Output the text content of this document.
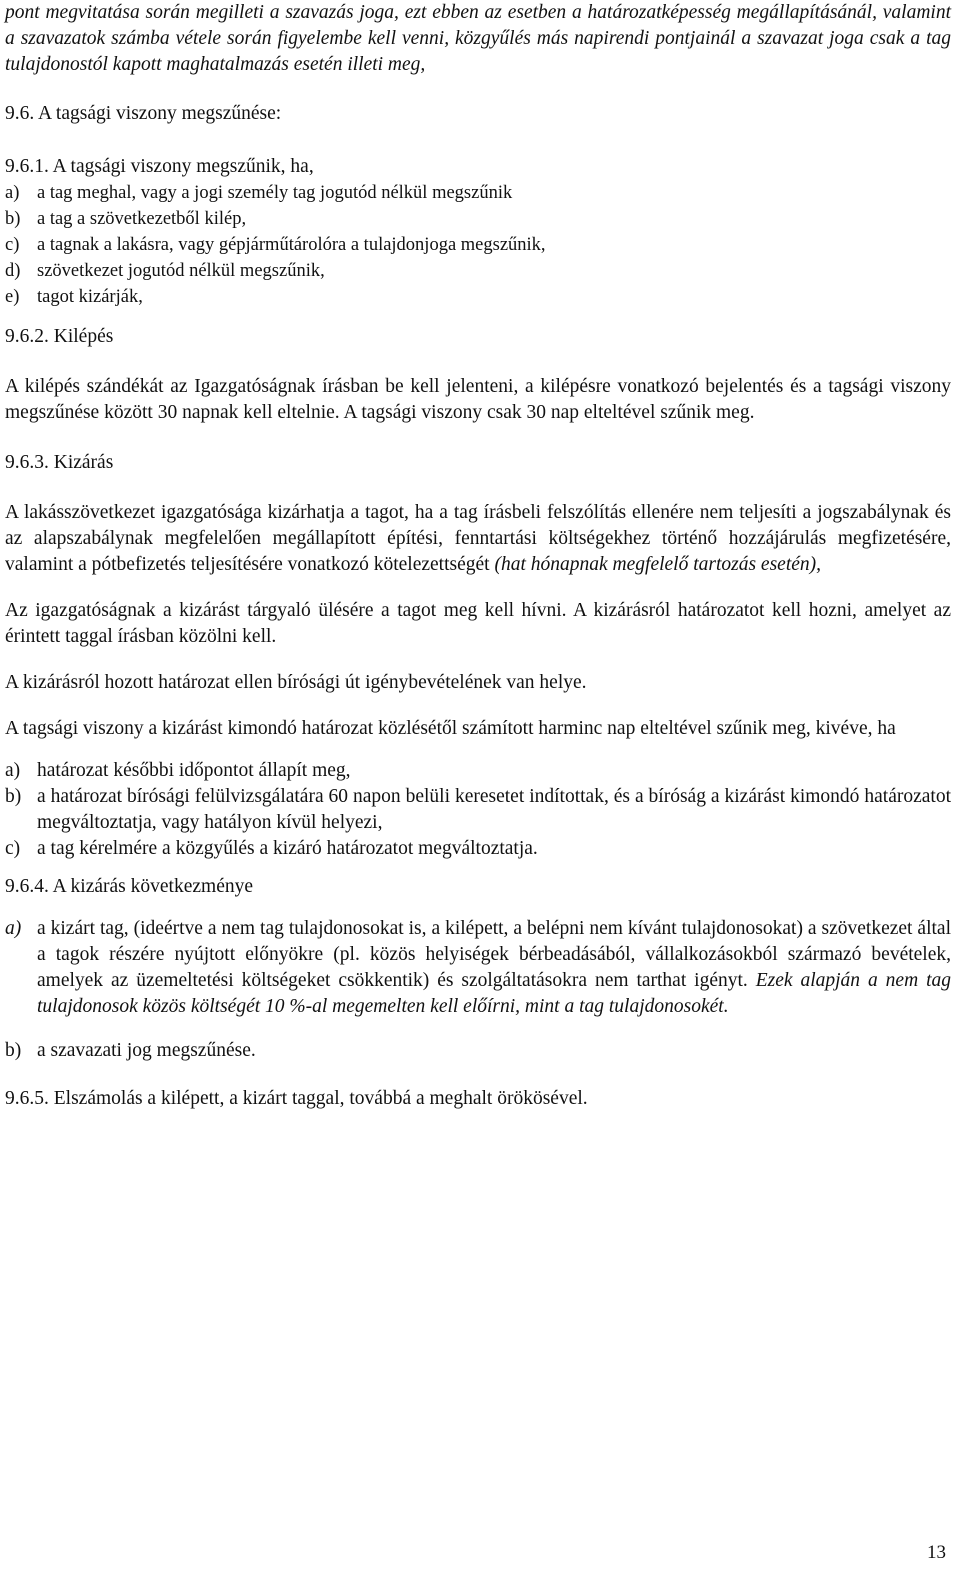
pont megvitatása során megilleti a szavazás joga, ezt ebben az esetben a határozatképesség megállapításánál, valamint a szavazatok számba vétele során figyelembe kell venni, közgyűlés más napirendi pontjainál a szavazat joga csak a tag tulajdonostól kapott maghatalmazás esetén illeti meg,

9.6. A tagsági viszony megszűnése:

9.6.1. A tagsági viszony megszűnik, ha,

a) a tag meghal, vagy a jogi személy tag jogutód nélkül megszűnik
b) a tag a szövetkezetből kilép,
c) a tagnak a lakásra, vagy gépjárműtárolóra a tulajdonjoga megszűnik,
d) szövetkezet jogutód nélkül megszűnik,
e) tagot kizárják,

9.6.2. Kilépés

A kilépés szándékát az Igazgatóságnak írásban be kell jelenteni, a kilépésre vonatkozó bejelentés és a tagsági viszony megszűnése között 30 napnak kell eltelnie. A tagsági viszony csak 30 nap elteltével szűnik meg.

9.6.3. Kizárás

A lakásszövetkezet igazgatósága kizárhatja a tagot, ha a tag írásbeli felszólítás ellenére nem teljesíti a jogszabálynak és az alapszabálynak megfelelően megállapított építési, fenntartási költségekhez történő hozzájárulás megfizetésére, valamint a pótbefizetés teljesítésére vonatkozó kötelezettségét (hat hónapnak megfelelő tartozás esetén),

Az igazgatóságnak a kizárást tárgyaló ülésére a tagot meg kell hívni. A kizárásról határozatot kell hozni, amelyet az érintett taggal írásban közölni kell.

A kizárásról hozott határozat ellen bírósági út igénybevételének van helye.

A tagsági viszony a kizárást kimondó határozat közlésétől számított harminc nap elteltével szűnik meg, kivéve, ha

a) határozat későbbi időpontot állapít meg,
b) a határozat bírósági felülvizsgálatára 60 napon belüli keresetet indítottak, és a bíróság a kizárást kimondó határozatot megváltoztatja, vagy hatályon kívül helyezi,
c) a tag kérelmére a közgyűlés a kizáró határozatot megváltoztatja.

9.6.4. A kizárás következménye

a) a kizárt tag, (ideértve a nem tag tulajdonosokat is, a kilépett, a belépni nem kívánt tulajdonosokat) a szövetkezet által a tagok részére nyújtott előnyökre (pl. közös helyiségek bérbeadásából, vállalkozásokból származó bevételek, amelyek az üzemeltetési költségeket csökkentik) és szolgáltatásokra nem tarthat igényt. Ezek alapján a nem tag tulajdonosok közös költségét 10 %-al megemelten kell előírni, mint a tag tulajdonosokét.
b) a szavazati jog megszűnése.

9.6.5. Elszámolás a kilépett, a kizárt taggal, továbbá a meghalt örökösével.

13
